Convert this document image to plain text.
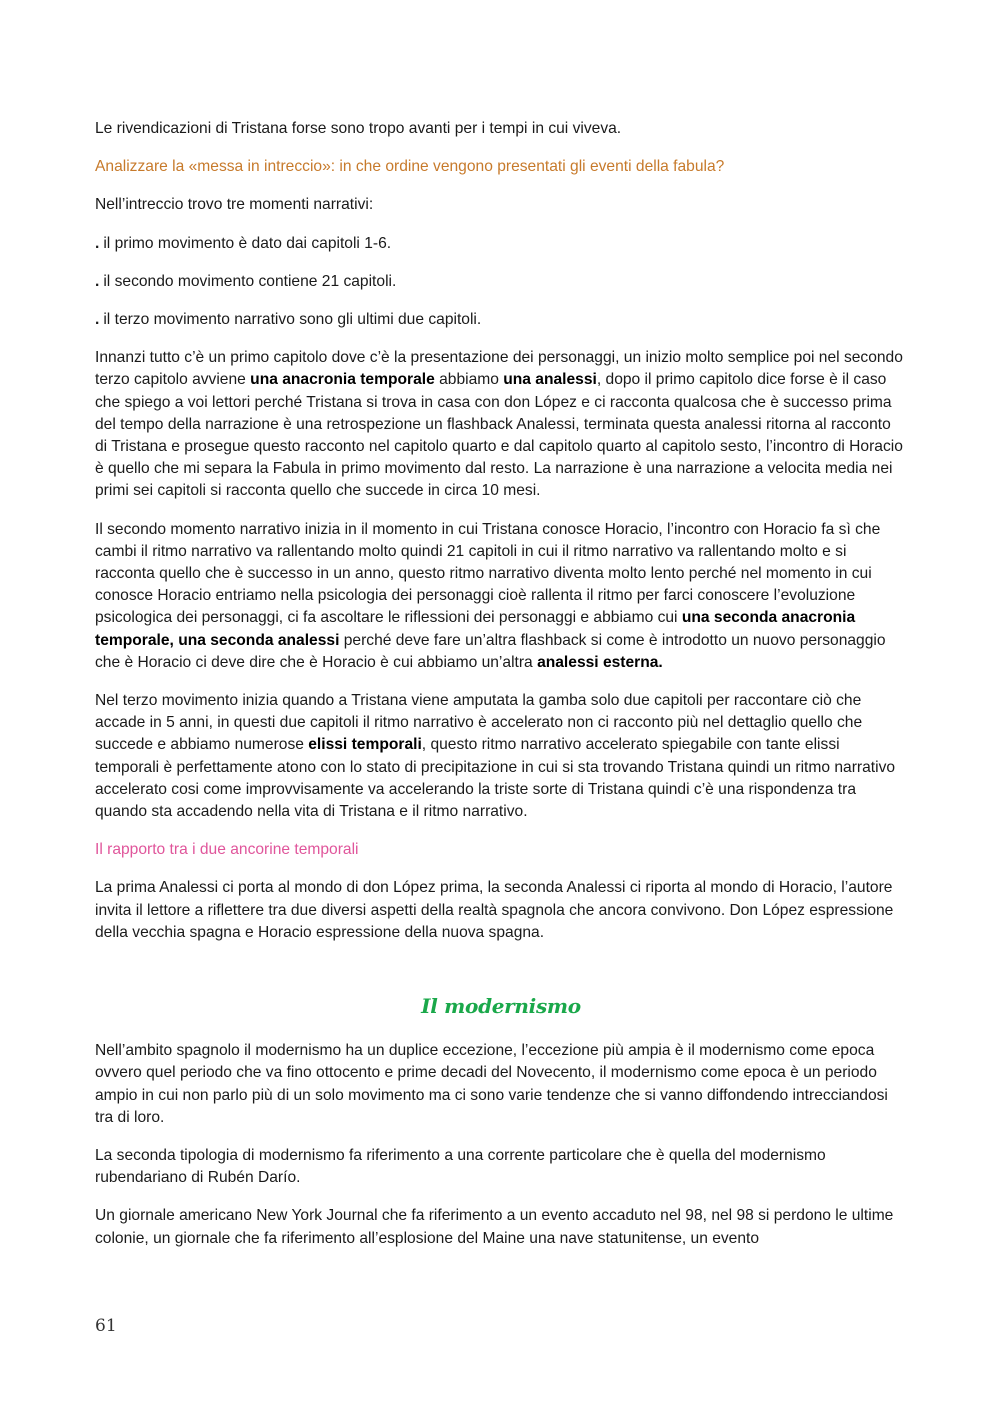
Le rivendicazioni di Tristana forse sono tropo avanti per i tempi in cui viveva.

Analizzare la «messa in intreccio»: in che ordine vengono presentati gli eventi della fabula?

Nell’intreccio trovo tre momenti narrativi:

. il primo movimento è dato dai capitoli 1-6.

. il secondo movimento contiene 21 capitoli.

. il terzo movimento narrativo sono gli ultimi due capitoli.

Innanzi tutto c’è un primo capitolo dove c’è la presentazione dei personaggi, un inizio molto semplice poi nel secondo terzo capitolo avviene una anacronia temporale abbiamo una analessi, dopo il primo capitolo dice forse è il caso che spiego a voi lettori perché Tristana si trova in casa con don López e ci racconta qualcosa che è successo prima del tempo della narrazione è una retrospezione un flashback Analessi, terminata questa analessi ritorna al racconto di Tristana e prosegue questo racconto nel capitolo quarto e dal capitolo quarto al capitolo sesto, l’incontro di Horacio è quello che mi separa la Fabula in primo movimento dal resto. La narrazione è una narrazione a velocita media nei primi sei capitoli si racconta quello che succede in circa 10 mesi.

Il secondo momento narrativo inizia in il momento in cui Tristana conosce Horacio, l’incontro con Horacio fa sì che cambi il ritmo narrativo va rallentando molto quindi 21 capitoli in cui il ritmo narrativo va rallentando molto e si racconta quello che è successo in un anno, questo ritmo narrativo diventa molto lento perché nel momento in cui conosce Horacio entriamo nella psicologia dei personaggi cioè rallenta il ritmo per farci conoscere l’evoluzione psicologica dei personaggi, ci fa ascoltare le riflessioni dei personaggi e abbiamo cui una seconda anacronia temporale, una seconda analessi perché deve fare un’altra flashback si come è introdotto un nuovo personaggio che è Horacio ci deve dire che è Horacio è cui abbiamo un’altra analessi esterna.

Nel terzo movimento inizia quando a Tristana viene amputata la gamba solo due capitoli per raccontare ciò che accade in 5 anni, in questi due capitoli il ritmo narrativo è accelerato non ci racconto più nel dettaglio quello che succede e abbiamo numerose elissi temporali, questo ritmo narrativo accelerato spiegabile con tante elissi temporali è perfettamente atono con lo stato di precipitazione in cui si sta trovando Tristana quindi un ritmo narrativo accelerato cosi come improvvisamente va accelerando la triste sorte di Tristana quindi c’è una rispondenza tra quando sta accadendo nella vita di Tristana e il ritmo narrativo.

Il rapporto tra i due ancorine temporali

La prima Analessi ci porta al mondo di don López prima, la seconda Analessi ci riporta al mondo di Horacio, l’autore invita il lettore a riflettere tra due diversi aspetti della realtà spagnola che ancora convivono. Don López espressione della vecchia spagna e Horacio espressione della nuova spagna.

Il modernismo

Nell’ambito spagnolo il modernismo ha un duplice eccezione, l’eccezione più ampia è il modernismo come epoca ovvero quel periodo che va fino ottocento e prime decadi del Novecento, il modernismo come epoca è un periodo ampio in cui non parlo più di un solo movimento ma ci sono varie tendenze che si vanno diffondendo intrecciandosi tra di loro.

La seconda tipologia di modernismo fa riferimento a una corrente particolare che è quella del modernismo rubendariano di Rubén Darío.

Un giornale americano New York Journal che fa riferimento a un evento accaduto nel 98, nel 98 si perdono le ultime colonie, un giornale che fa riferimento all’esplosione del Maine una nave statunitense, un evento

61
